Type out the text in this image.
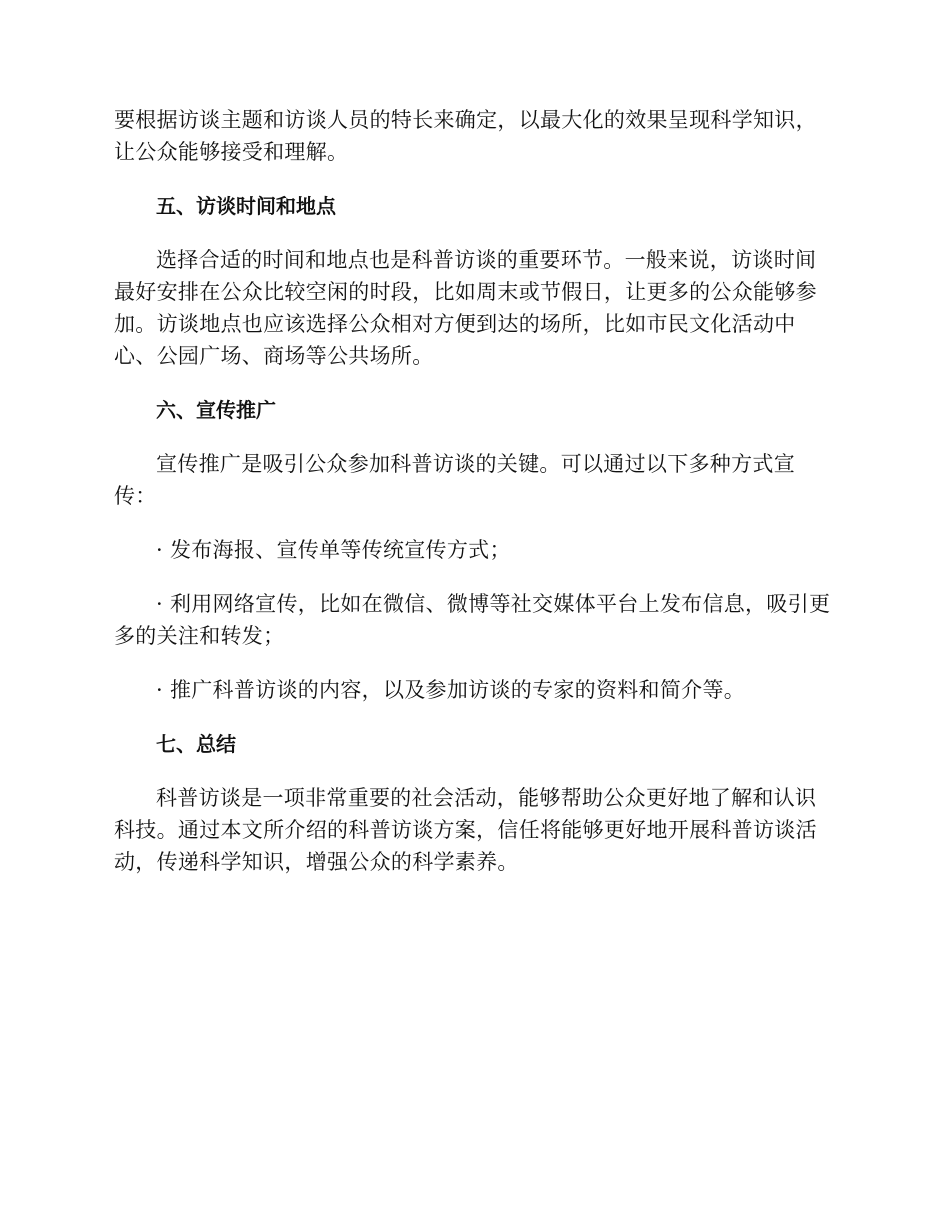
要根据访谈主题和访谈人员的特长来确定，以最大化的效果呈现科学知识，让公众能够接受和理解。

五、访谈时间和地点

选择合适的时间和地点也是科普访谈的重要环节。一般来说，访谈时间最好安排在公众比较空闲的时段，比如周末或节假日，让更多的公众能够参加。访谈地点也应该选择公众相对方便到达的场所，比如市民文化活动中心、公园广场、商场等公共场所。

六、宣传推广

宣传推广是吸引公众参加科普访谈的关键。可以通过以下多种方式宣传：

· 发布海报、宣传单等传统宣传方式；

· 利用网络宣传，比如在微信、微博等社交媒体平台上发布信息，吸引更多的关注和转发；

· 推广科普访谈的内容，以及参加访谈的专家的资料和简介等。

七、总结

科普访谈是一项非常重要的社会活动，能够帮助公众更好地了解和认识科技。通过本文所介绍的科普访谈方案，信任将能够更好地开展科普访谈活动，传递科学知识，增强公众的科学素养。
